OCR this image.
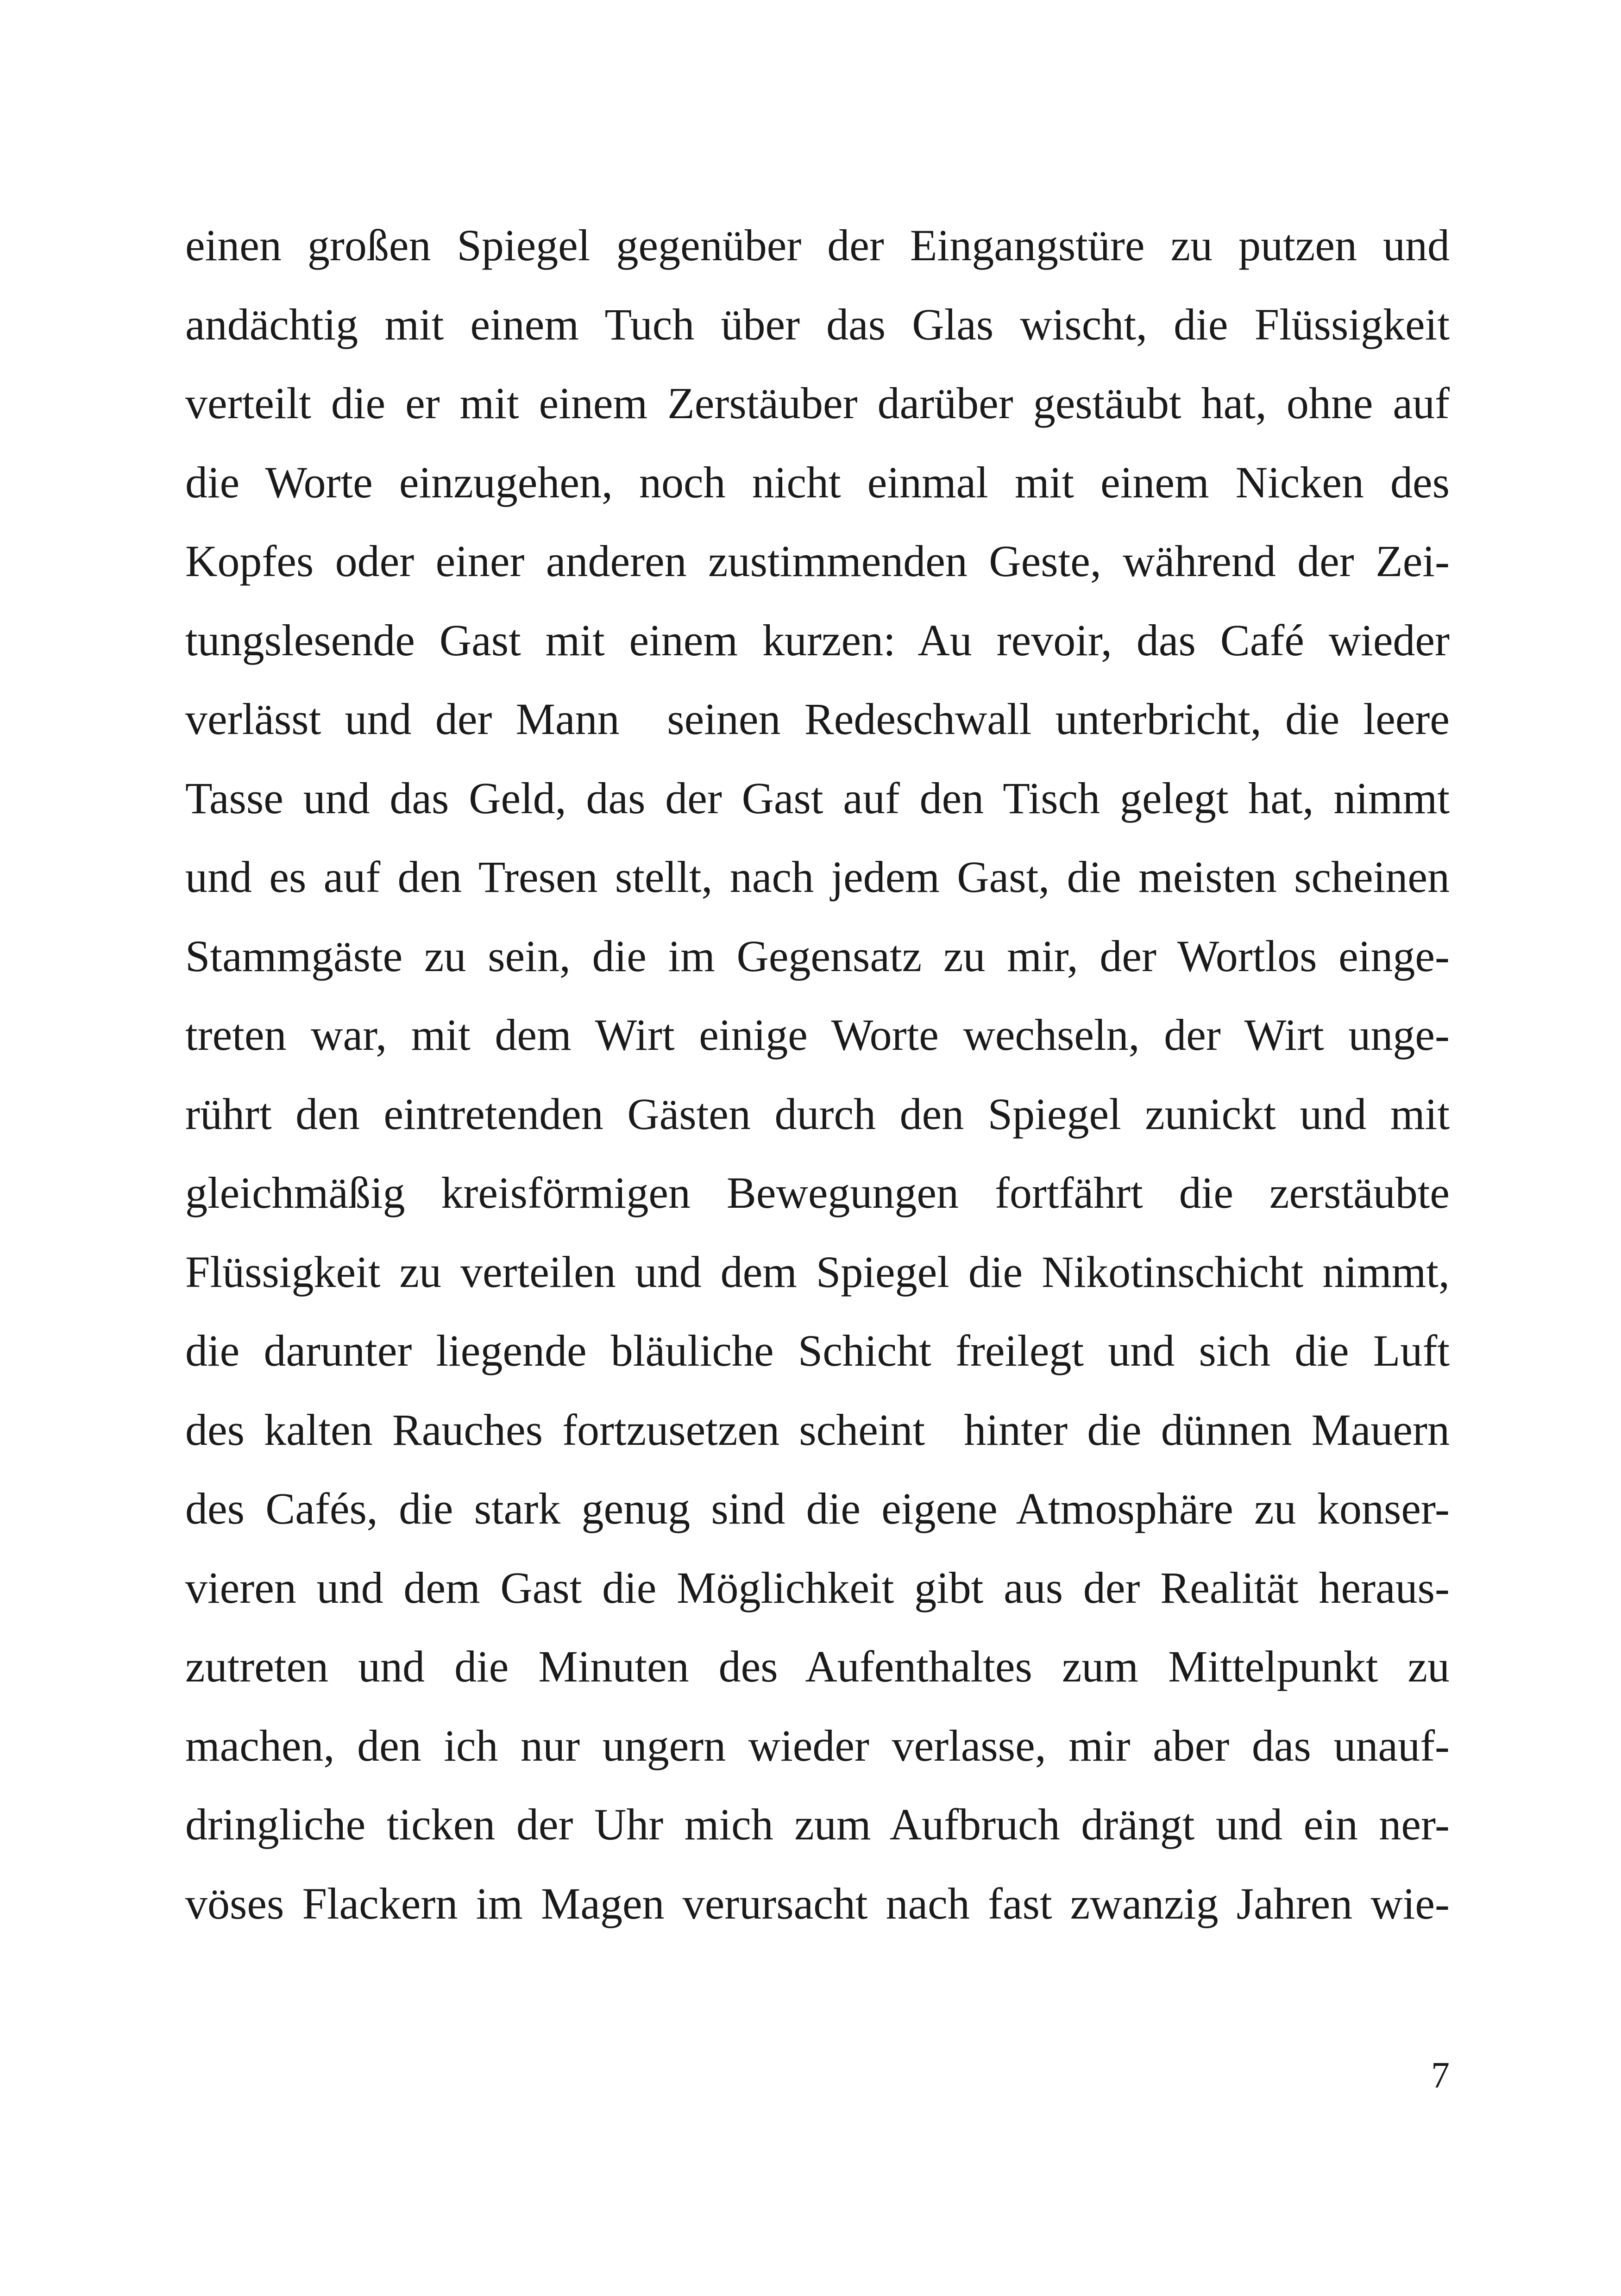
einen großen Spiegel gegenüber der Eingangstüre zu putzen und
andächtig mit einem Tuch über das Glas wischt, die Flüssigkeit
verteilt die er mit einem Zerstäuber darüber gestäubt hat, ohne auf
die Worte einzugehen, noch nicht einmal mit einem Nicken des
Kopfes oder einer anderen zustimmenden Geste, während der Zei-
tungslesende Gast mit einem kurzen: Au revoir, das Café wieder
verlässt und der Mann  seinen Redeschwall unterbricht, die leere
Tasse und das Geld, das der Gast auf den Tisch gelegt hat, nimmt
und es auf den Tresen stellt, nach jedem Gast, die meisten scheinen
Stammgäste zu sein, die im Gegensatz zu mir, der Wortlos einge-
treten war, mit dem Wirt einige Worte wechseln, der Wirt unge-
rührt den eintretenden Gästen durch den Spiegel zunickt und mit
gleichmäßig kreisförmigen Bewegungen fortfährt die zerstäubte
Flüssigkeit zu verteilen und dem Spiegel die Nikotinschicht nimmt,
die darunter liegende bläuliche Schicht freilegt und sich die Luft
des kalten Rauches fortzusetzen scheint  hinter die dünnen Mauern
des Cafés, die stark genug sind die eigene Atmosphäre zu konser-
vieren und dem Gast die Möglichkeit gibt aus der Realität heraus-
zutreten und die Minuten des Aufenthaltes zum Mittelpunkt zu
machen, den ich nur ungern wieder verlasse, mir aber das unauf-
dringliche ticken der Uhr mich zum Aufbruch drängt und ein ner-
vöses Flackern im Magen verursacht nach fast zwanzig Jahren wie-
7
